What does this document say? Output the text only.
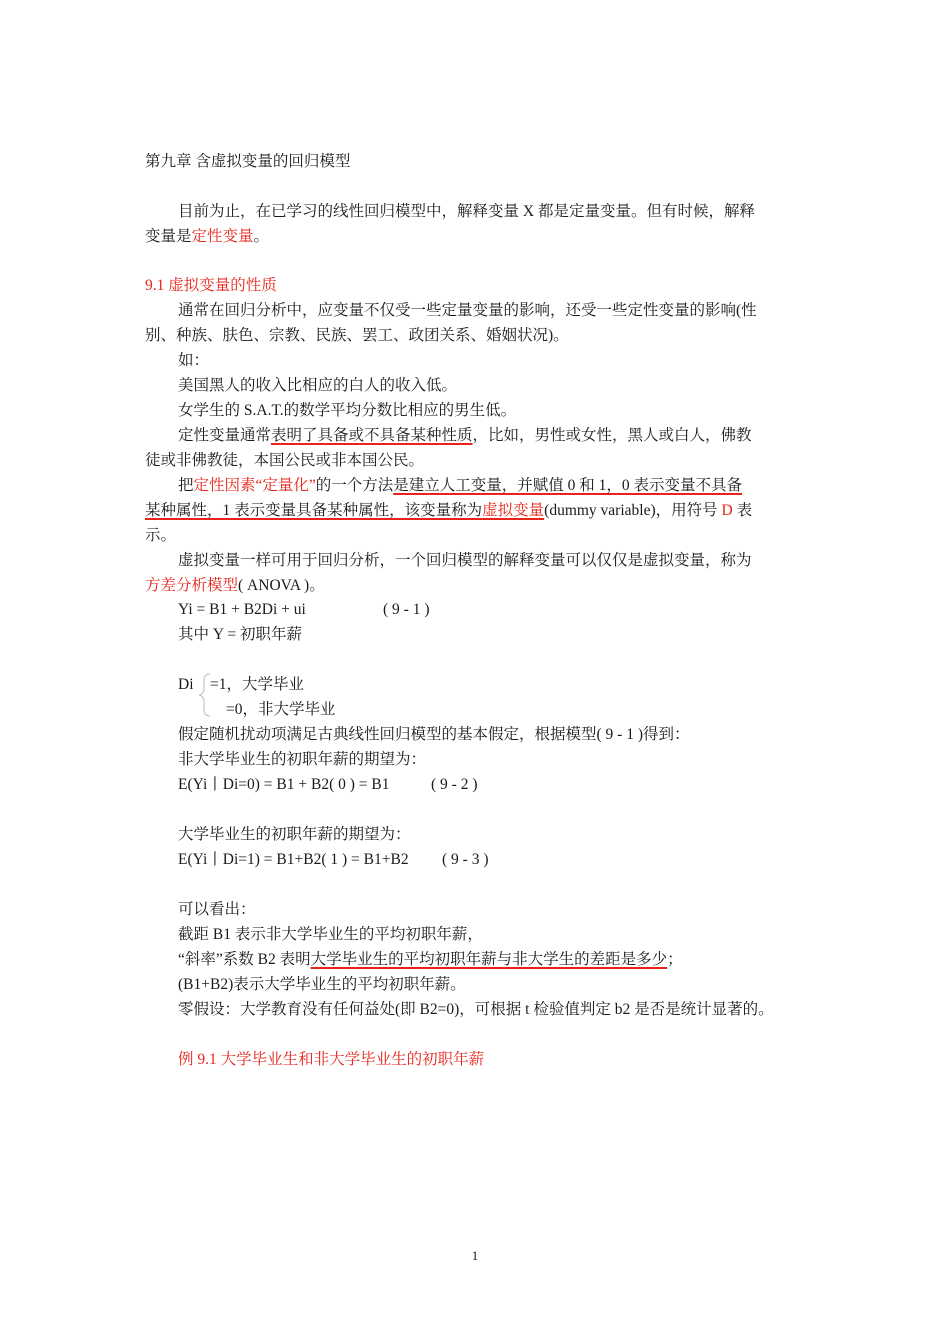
第九章 含虚拟变量的回归模型
目前为止，在已学习的线性回归模型中，解释变量 X 都是定量变量。但有时候，解释
变量是定性变量。
9.1 虚拟变量的性质
通常在回归分析中，应变量不仅受一些定量变量的影响，还受一些定性变量的影响(性
别、种族、肤色、宗教、民族、罢工、政团关系、婚姻状况)。
如：
美国黑人的收入比相应的白人的收入低。
女学生的 S.A.T.的数学平均分数比相应的男生低。
定性变量通常表明了具备或不具备某种性质，比如，男性或女性，黑人或白人，佛教
徒或非佛教徒，本国公民或非本国公民。
把定性因素“定量化”的一个方法是建立人工变量，并赋值 0 和 1，0 表示变量不具备
某种属性，1 表示变量具备某种属性，该变量称为虚拟变量(dummy variable)，用符号 D 表
示。
虚拟变量一样可用于回归分析，一个回归模型的解释变量可以仅仅是虚拟变量，称为
方差分析模型( ANOVA )。
Yi = B1 + B2Di + ui	( 9 - 1 )
其中 Y = 初职年薪
Di =1，大学毕业
=0，非大学毕业
假定随机扰动项满足古典线性回归模型的基本假定，根据模型( 9 - 1 )得到：
非大学毕业生的初职年薪的期望为：
E(Yi丨Di=0) = B1 + B2( 0 ) = B1	( 9 - 2 )
大学毕业生的初职年薪的期望为：
E(Yi丨Di=1) = B1+B2( 1 ) = B1+B2 ( 9 - 3 )
可以看出：
截距 B1 表示非大学毕业生的平均初职年薪，
“斜率”系数 B2 表明大学毕业生的平均初职年薪与非大学生的差距是多少；
(B1+B2)表示大学毕业生的平均初职年薪。
零假设：大学教育没有任何益处(即 B2=0)，可根据 t 检验值判定 b2 是否是统计显著的。
例 9.1 大学毕业生和非大学毕业生的初职年薪
1
